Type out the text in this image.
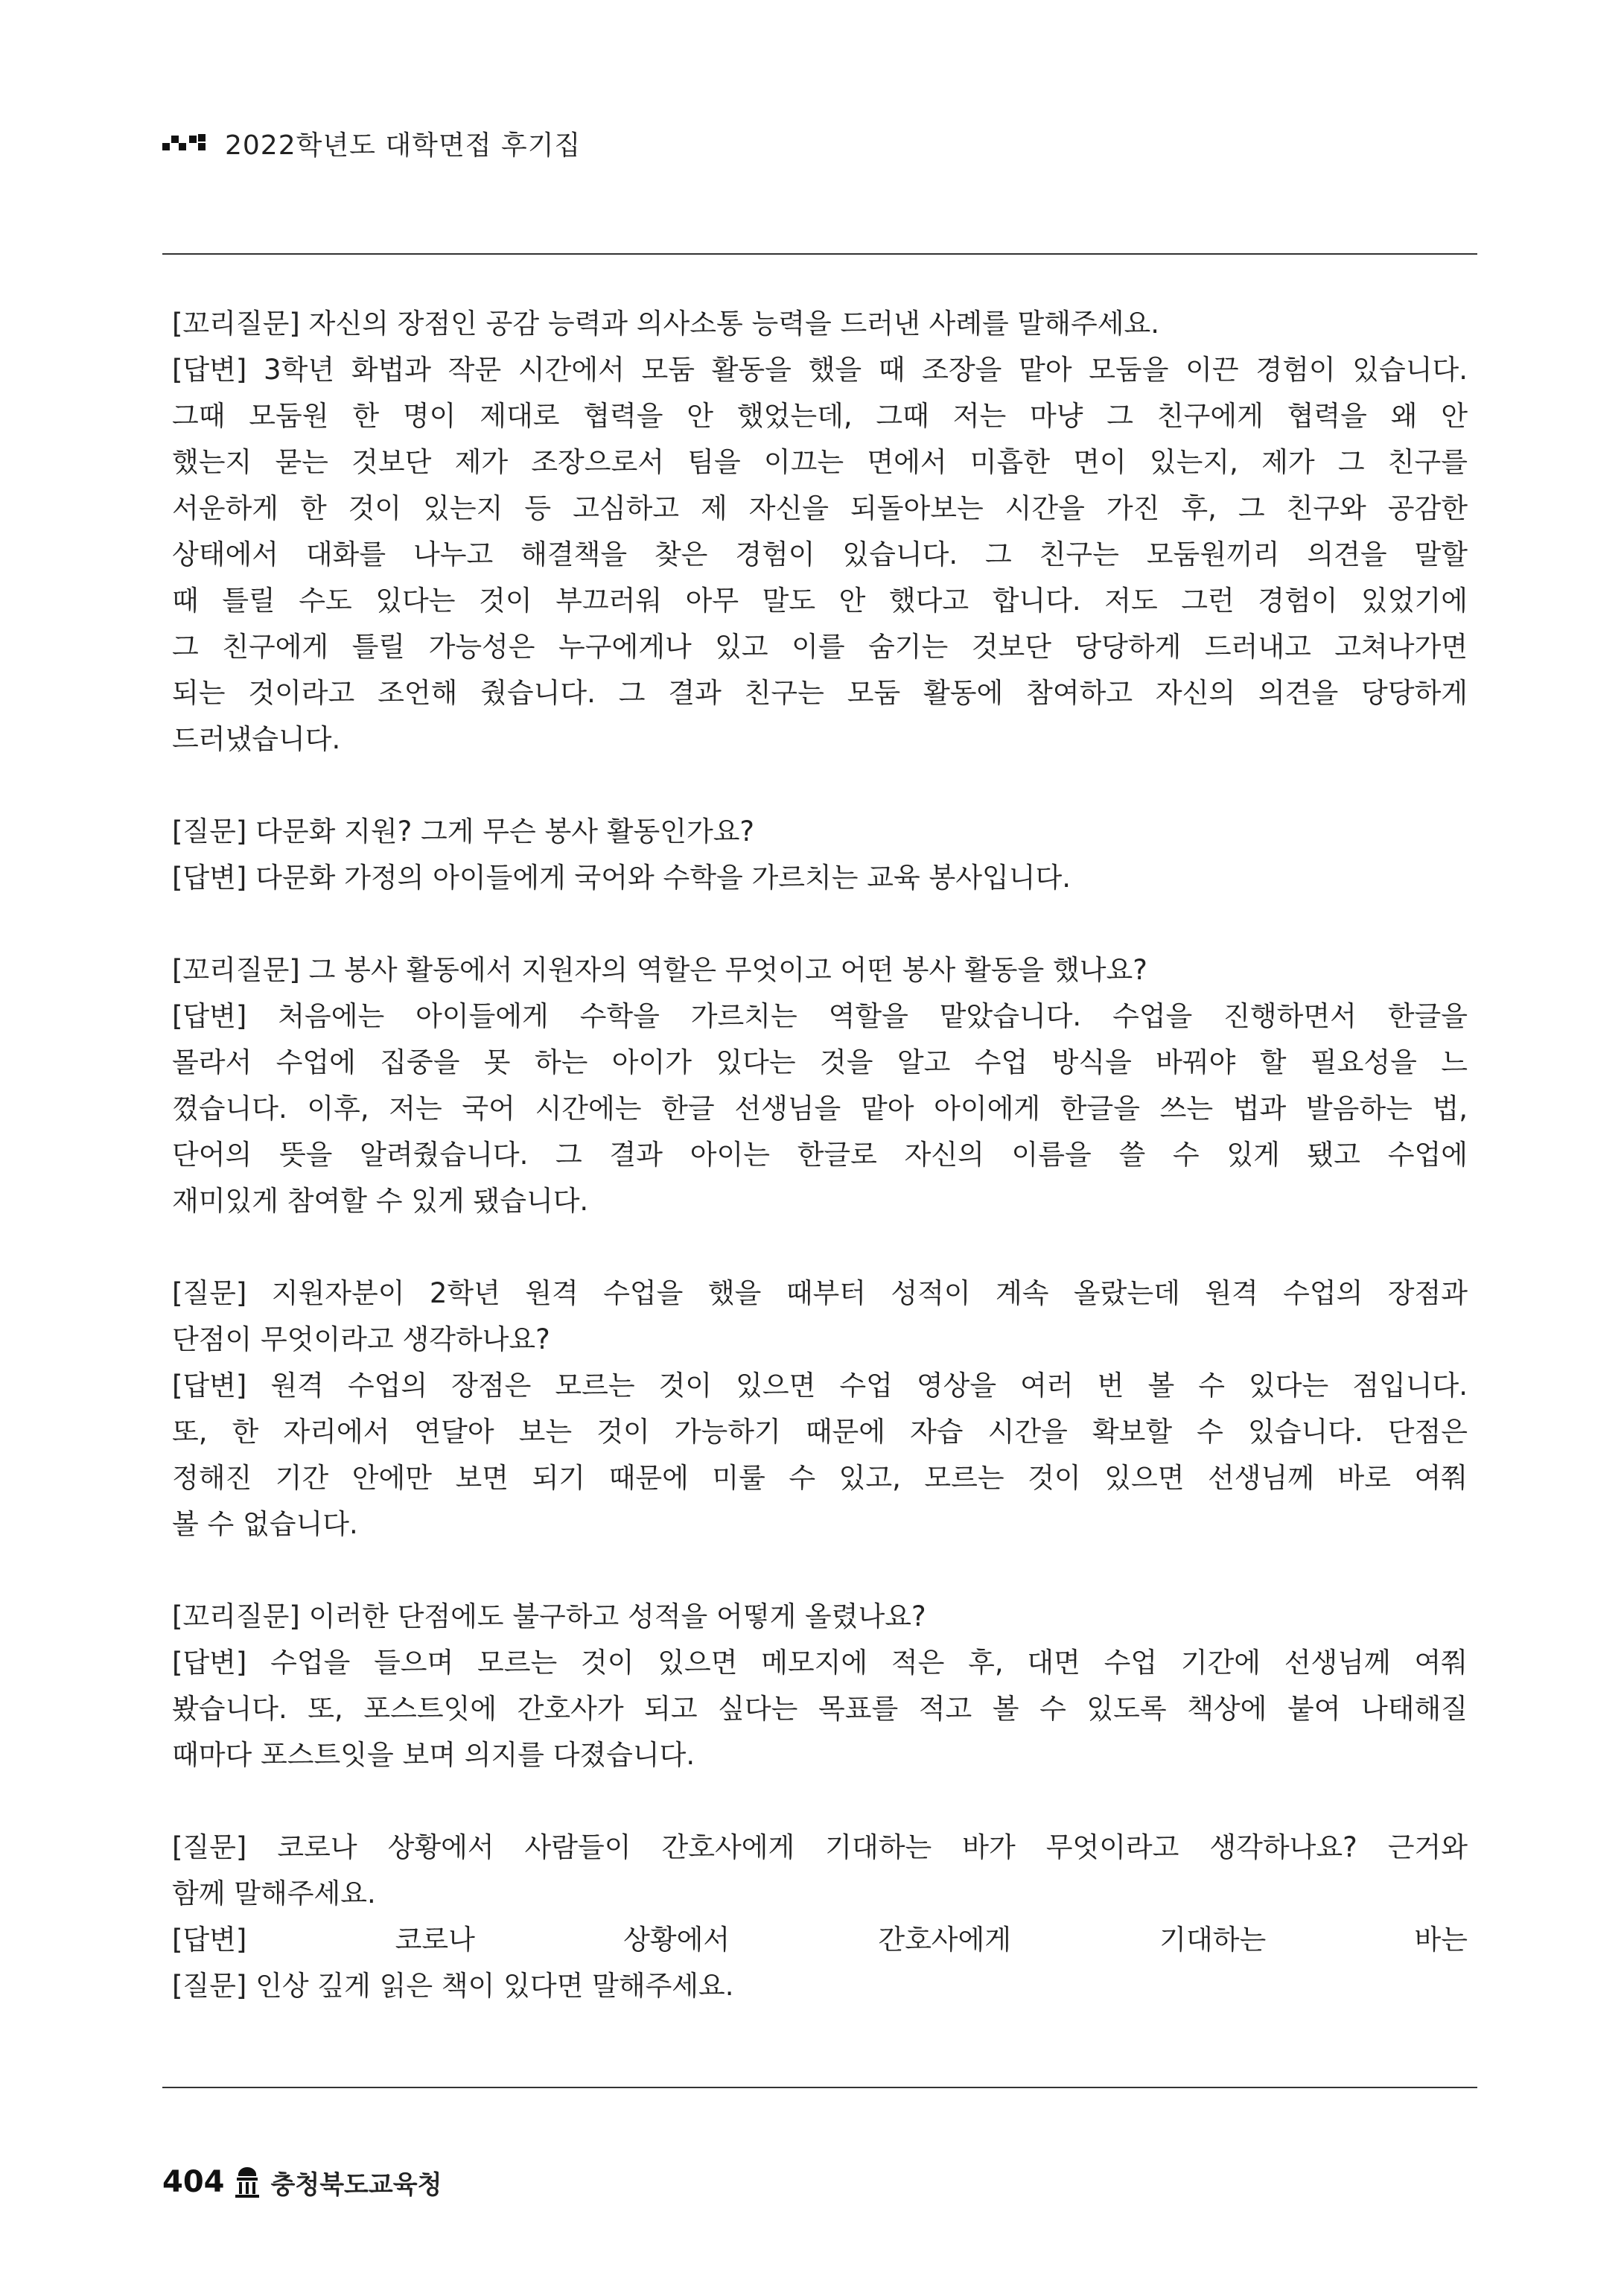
2022학년도 대학면접 후기집
[꼬리질문] 자신의 장점인 공감 능력과 의사소통 능력을 드러낸 사례를 말해주세요.
[답변] 3학년 화법과 작문 시간에서 모둠 활동을 했을 때 조장을 맡아 모둠을 이끈 경험이 있습니다.
그때 모둠원 한 명이 제대로 협력을 안 했었는데, 그때 저는 마냥 그 친구에게 협력을 왜 안
했는지 묻는 것보단 제가 조장으로서 팀을 이끄는 면에서 미흡한 면이 있는지, 제가 그 친구를
서운하게 한 것이 있는지 등 고심하고 제 자신을 되돌아보는 시간을 가진 후, 그 친구와 공감한
상태에서 대화를 나누고 해결책을 찾은 경험이 있습니다. 그 친구는 모둠원끼리 의견을 말할
때 틀릴 수도 있다는 것이 부끄러워 아무 말도 안 했다고 합니다. 저도 그런 경험이 있었기에
그 친구에게 틀릴 가능성은 누구에게나 있고 이를 숨기는 것보단 당당하게 드러내고 고쳐나가면
되는 것이라고 조언해 줬습니다. 그 결과 친구는 모둠 활동에 참여하고 자신의 의견을 당당하게
드러냈습니다.
[질문] 다문화 지원? 그게 무슨 봉사 활동인가요?
[답변] 다문화 가정의 아이들에게 국어와 수학을 가르치는 교육 봉사입니다.
[꼬리질문] 그 봉사 활동에서 지원자의 역할은 무엇이고 어떤 봉사 활동을 했나요?
[답변] 처음에는 아이들에게 수학을 가르치는 역할을 맡았습니다. 수업을 진행하면서 한글을
몰라서 수업에 집중을 못 하는 아이가 있다는 것을 알고 수업 방식을 바꿔야 할 필요성을 느
꼈습니다. 이후, 저는 국어 시간에는 한글 선생님을 맡아 아이에게 한글을 쓰는 법과 발음하는 법,
단어의 뜻을 알려줬습니다. 그 결과 아이는 한글로 자신의 이름을 쓸 수 있게 됐고 수업에
재미있게 참여할 수 있게 됐습니다.
[질문] 지원자분이 2학년 원격 수업을 했을 때부터 성적이 계속 올랐는데 원격 수업의 장점과
단점이 무엇이라고 생각하나요?
[답변] 원격 수업의 장점은 모르는 것이 있으면 수업 영상을 여러 번 볼 수 있다는 점입니다.
또, 한 자리에서 연달아 보는 것이 가능하기 때문에 자습 시간을 확보할 수 있습니다. 단점은
정해진 기간 안에만 보면 되기 때문에 미룰 수 있고, 모르는 것이 있으면 선생님께 바로 여쭤
볼 수 없습니다.
[꼬리질문] 이러한 단점에도 불구하고 성적을 어떻게 올렸나요?
[답변] 수업을 들으며 모르는 것이 있으면 메모지에 적은 후, 대면 수업 기간에 선생님께 여쭤
봤습니다. 또, 포스트잇에 간호사가 되고 싶다는 목표를 적고 볼 수 있도록 책상에 붙여 나태해질
때마다 포스트잇을 보며 의지를 다졌습니다.
[질문] 코로나 상황에서 사람들이 간호사에게 기대하는 바가 무엇이라고 생각하나요? 근거와
함께 말해주세요.
[답변] 코로나 상황에서 간호사에게 기대하는 바는
[질문] 인상 깊게 읽은 책이 있다면 말해주세요.
404 충청북도교육청
